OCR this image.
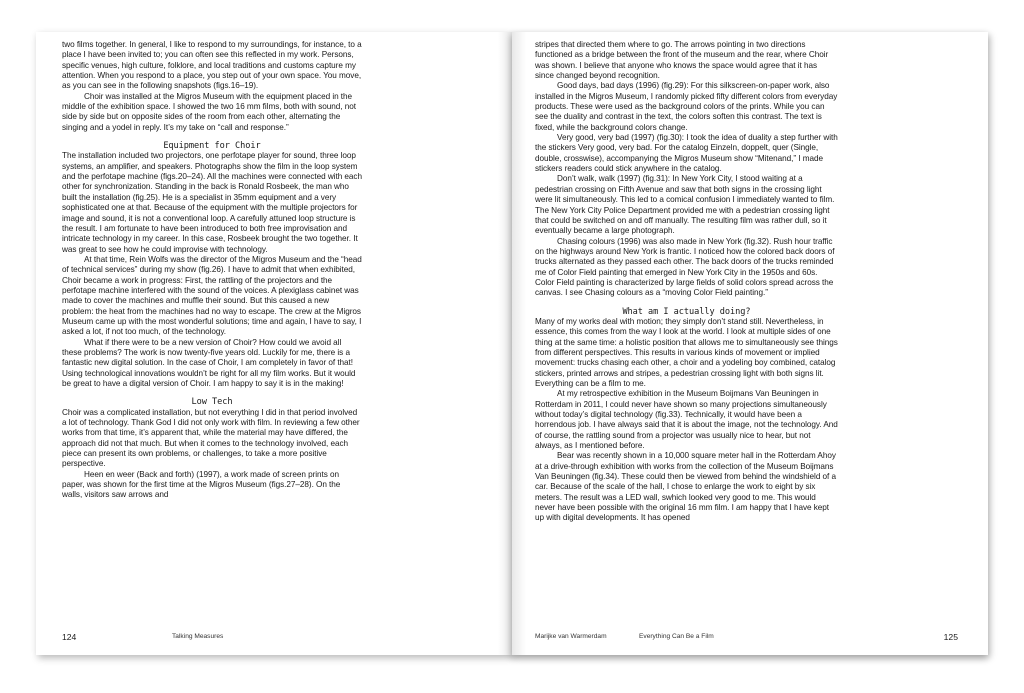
two films together. In general, I like to respond to my surroundings, for instance, to a place I have been invited to; you can often see this reflected in my work. Persons, specific venues, high culture, folklore, and local traditions and customs capture my attention. When you respond to a place, you step out of your own space. You move, as you can see in the following snapshots (figs.16–19).

Choir was installed at the Migros Museum with the equipment placed in the middle of the exhibition space. I showed the two 16 mm films, both with sound, not side by side but on opposite sides of the room from each other, alternating the singing and a yodel in reply. It’s my take on “call and response.”

Equipment for Choir

The installation included two projectors, one perfotape player for sound, three loop systems, an amplifier, and speakers. Photographs show the film in the loop system and the perfotape machine (figs.20–24). All the machines were connected with each other for synchronization. Standing in the back is Ronald Rosbeek, the man who built the installation (fig.25). He is a specialist in 35mm equipment and a very sophisticated one at that. Because of the equipment with the multiple projectors for image and sound, it is not a conventional loop. A carefully attuned loop structure is the result. I am fortunate to have been introduced to both free improvisation and intricate technology in my career. In this case, Rosbeek brought the two together. It was great to see how he could improvise with technology.

At that time, Rein Wolfs was the director of the Migros Museum and the “head of technical services” during my show (fig.26). I have to admit that when exhibited, Choir became a work in progress: First, the rattling of the projectors and the perfotape machine interfered with the sound of the voices. A plexiglass cabinet was made to cover the machines and muffle their sound. But this caused a new problem: the heat from the machines had no way to escape. The crew at the Migros Museum came up with the most wonderful solutions; time and again, I have to say, I asked a lot, if not too much, of the technology.

What if there were to be a new version of Choir? How could we avoid all these problems? The work is now twenty-five years old. Luckily for me, there is a fantastic new digital solution. In the case of Choir, I am completely in favor of that! Using technological innovations wouldn’t be right for all my film works. But it would be great to have a digital version of Choir. I am happy to say it is in the making!

Low Tech

Choir was a complicated installation, but not everything I did in that period involved a lot of technology. Thank God I did not only work with film. In reviewing a few other works from that time, it’s apparent that, while the material may have differed, the approach did not that much. But when it comes to the technology involved, each piece can present its own problems, or challenges, to take a more positive perspective.

Heen en weer (Back and forth) (1997), a work made of screen prints on paper, was shown for the first time at the Migros Museum (figs.27–28). On the walls, visitors saw arrows and

124	Talking Measures

stripes that directed them where to go. The arrows pointing in two directions functioned as a bridge between the front of the museum and the rear, where Choir was shown. I believe that anyone who knows the space would agree that it has since changed beyond recognition.

Good days, bad days (1996) (fig.29): For this silkscreen-on-paper work, also installed in the Migros Museum, I randomly picked fifty different colors from everyday products. These were used as the background colors of the prints. While you can see the duality and contrast in the text, the colors soften this contrast. The text is fixed, while the background colors change.

Very good, very bad (1997) (fig.30): I took the idea of duality a step further with the stickers Very good, very bad. For the catalog Einzeln, doppelt, quer (Single, double, crosswise), accompanying the Migros Museum show “Mitenand,” I made stickers readers could stick anywhere in the catalog.

Don’t walk, walk (1997) (fig.31): In New York City, I stood waiting at a pedestrian crossing on Fifth Avenue and saw that both signs in the crossing light were lit simultaneously. This led to a comical confusion I immediately wanted to film. The New York City Police Department provided me with a pedestrian crossing light that could be switched on and off manually. The resulting film was rather dull, so it eventually became a large photograph.

Chasing colours (1996) was also made in New York (fig.32). Rush hour traffic on the highways around New York is frantic. I noticed how the colored back doors of trucks alternated as they passed each other. The back doors of the trucks reminded me of Color Field painting that emerged in New York City in the 1950s and 60s. Color Field painting is characterized by large fields of solid colors spread across the canvas. I see Chasing colours as a “moving Color Field painting.”

What am I actually doing?

Many of my works deal with motion; they simply don’t stand still. Nevertheless, in essence, this comes from the way I look at the world. I look at multiple sides of one thing at the same time: a holistic position that allows me to simultaneously see things from different perspectives. This results in various kinds of movement or implied movement: trucks chasing each other, a choir and a yodeling boy combined, catalog stickers, printed arrows and stripes, a pedestrian crossing light with both signs lit. Everything can be a film to me.

At my retrospective exhibition in the Museum Boijmans Van Beuningen in Rotterdam in 2011, I could never have shown so many projections simultaneously without today’s digital technology (fig.33). Technically, it would have been a horrendous job. I have always said that it is about the image, not the technology. And of course, the rattling sound from a projector was usually nice to hear, but not always, as I mentioned before.

Bear was recently shown in a 10,000 square meter hall in the Rotterdam Ahoy at a drive-through exhibition with works from the collection of the Museum Boijmans Van Beuningen (fig.34). These could then be viewed from behind the windshield of a car. Because of the scale of the hall, I chose to enlarge the work to eight by six meters. The result was a LED wall, swhich looked very good to me. This would never have been possible with the original 16 mm film. I am happy that I have kept up with digital developments. It has opened

Marijke van Warmerdam	Everything Can Be a Film	125
